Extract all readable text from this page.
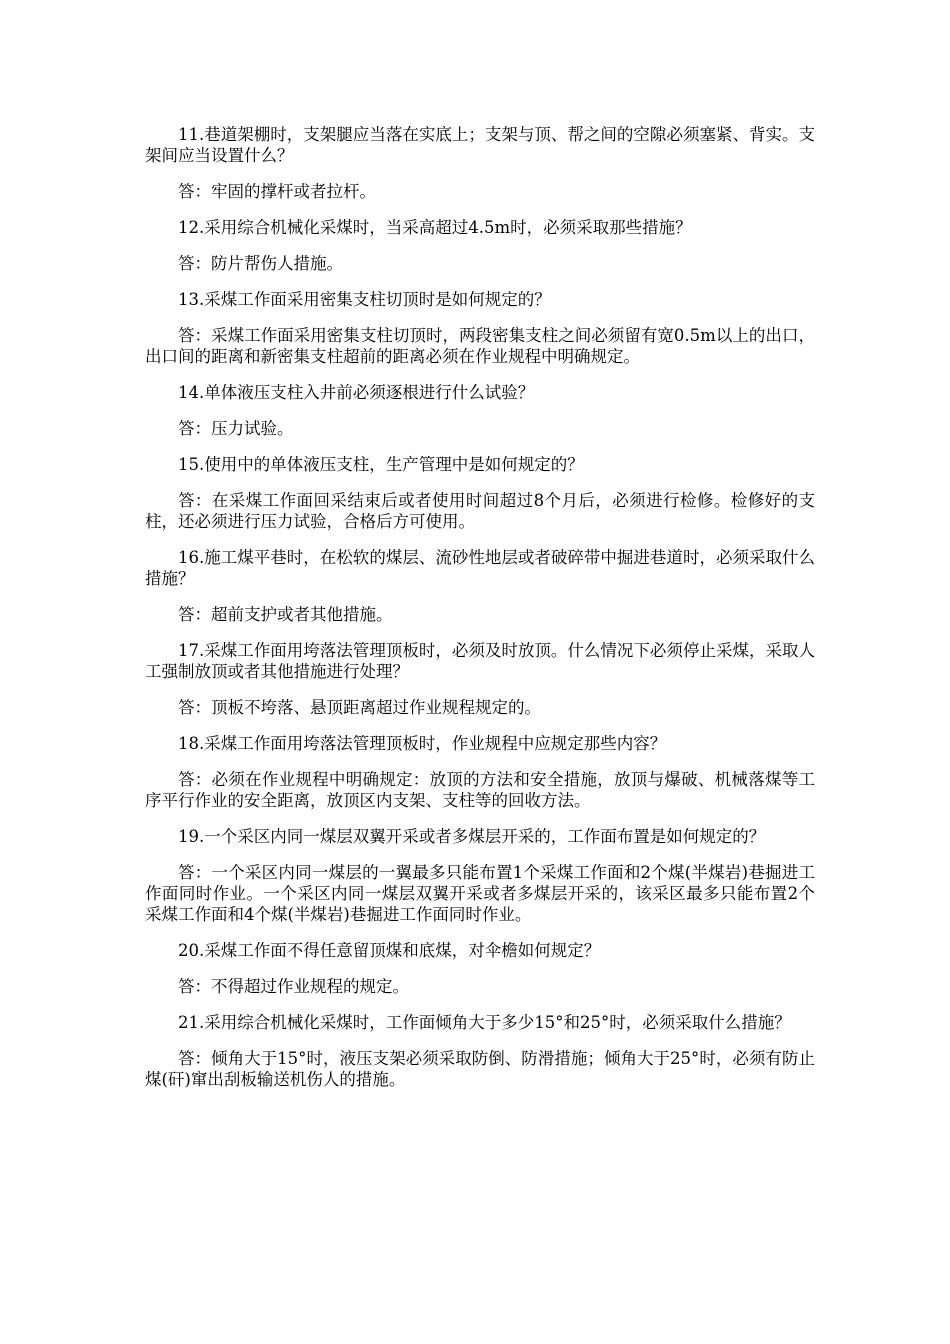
11.巷道架棚时，支架腿应当落在实底上；支架与顶、帮之间的空隙必须塞紧、背实。支架间应当设置什么？

答：牢固的撑杆或者拉杆。

12.采用综合机械化采煤时，当采高超过4.5m时，必须采取那些措施？

答：防片帮伤人措施。

13.采煤工作面采用密集支柱切顶时是如何规定的？

答：采煤工作面采用密集支柱切顶时，两段密集支柱之间必须留有宽0.5m以上的出口，出口间的距离和新密集支柱超前的距离必须在作业规程中明确规定。

14.单体液压支柱入井前必须逐根进行什么试验？

答：压力试验。

15.使用中的单体液压支柱，生产管理中是如何规定的？

答：在采煤工作面回采结束后或者使用时间超过8个月后，必须进行检修。检修好的支柱，还必须进行压力试验，合格后方可使用。

16.施工煤平巷时，在松软的煤层、流砂性地层或者破碎带中掘进巷道时，必须采取什么措施？

答：超前支护或者其他措施。

17.采煤工作面用垮落法管理顶板时，必须及时放顶。什么情况下必须停止采煤，采取人工强制放顶或者其他措施进行处理？

答：顶板不垮落、悬顶距离超过作业规程规定的。

18.采煤工作面用垮落法管理顶板时，作业规程中应规定那些内容？

答：必须在作业规程中明确规定：放顶的方法和安全措施，放顶与爆破、机械落煤等工序平行作业的安全距离，放顶区内支架、支柱等的回收方法。

19.一个采区内同一煤层双翼开采或者多煤层开采的，工作面布置是如何规定的？

答：一个采区内同一煤层的一翼最多只能布置1个采煤工作面和2个煤(半煤岩)巷掘进工作面同时作业。一个采区内同一煤层双翼开采或者多煤层开采的，该采区最多只能布置2个采煤工作面和4个煤(半煤岩)巷掘进工作面同时作业。

20.采煤工作面不得任意留顶煤和底煤，对伞檐如何规定？

答：不得超过作业规程的规定。

21.采用综合机械化采煤时，工作面倾角大于多少15°和25°时，必须采取什么措施？

答：倾角大于15°时，液压支架必须采取防倒、防滑措施；倾角大于25°时，必须有防止煤(矸)窜出刮板输送机伤人的措施。
